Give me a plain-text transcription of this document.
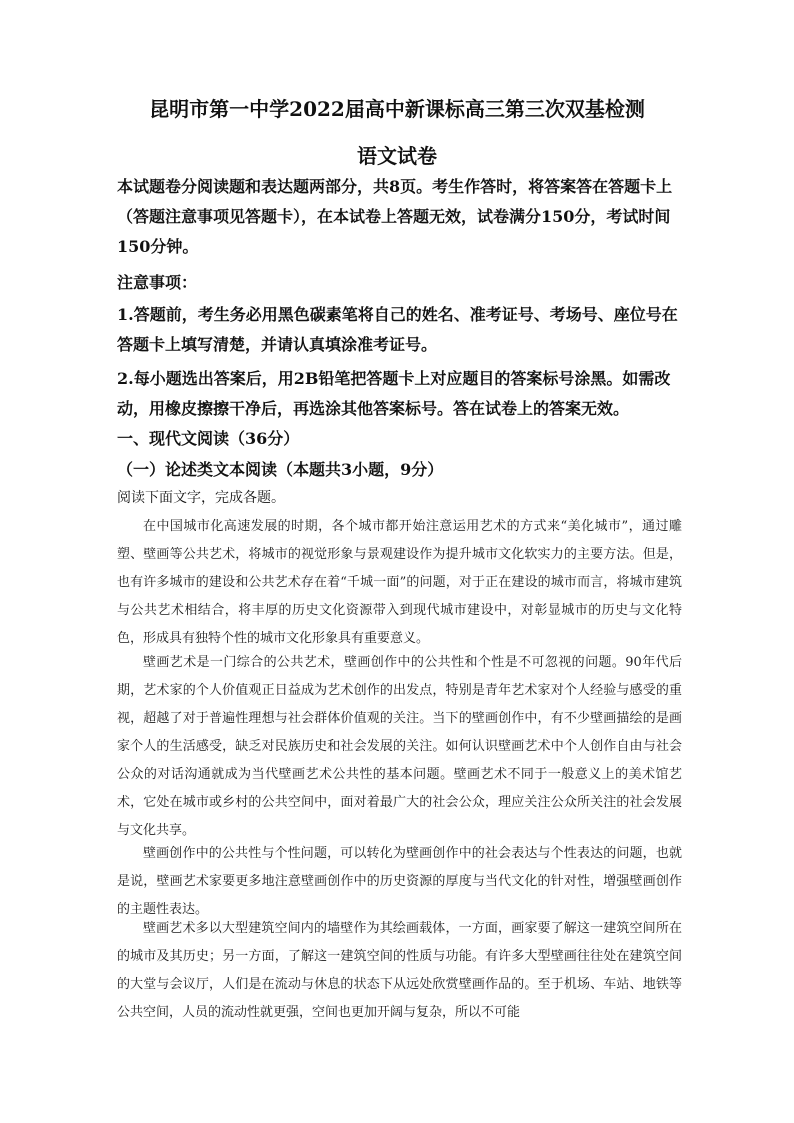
昆明市第一中学2022届高中新课标高三第三次双基检测
语文试卷
本试题卷分阅读题和表达题两部分，共8页。考生作答时，将答案答在答题卡上（答题注意事项见答题卡），在本试卷上答题无效，试卷满分150分，考试时间150分钟。
注意事项：
1.答题前，考生务必用黑色碳素笔将自己的姓名、准考证号、考场号、座位号在答题卡上填写清楚，并请认真填涂准考证号。
2.每小题选出答案后，用2B铅笔把答题卡上对应题目的答案标号涂黑。如需改动，用橡皮擦擦干净后，再选涂其他答案标号。答在试卷上的答案无效。
一、现代文阅读（36分）
（一）论述类文本阅读（本题共3小题，9分）
阅读下面文字，完成各题。
在中国城市化高速发展的时期，各个城市都开始注意运用艺术的方式来“美化城市”，通过雕塑、壁画等公共艺术，将城市的视觉形象与景观建设作为提升城市文化软实力的主要方法。但是，也有许多城市的建设和公共艺术存在着“千城一面”的问题，对于正在建设的城市而言，将城市建筑与公共艺术相结合，将丰厚的历史文化资源带入到现代城市建设中，对彰显城市的历史与文化特色，形成具有独特个性的城市文化形象具有重要意义。
壁画艺术是一门综合的公共艺术，壁画创作中的公共性和个性是不可忽视的问题。90年代后期，艺术家的个人价值观正日益成为艺术创作的出发点，特别是青年艺术家对个人经验与感受的重视，超越了对于普遍性理想与社会群体价值观的关注。当下的壁画创作中，有不少壁画描绘的是画家个人的生活感受，缺乏对民族历史和社会发展的关注。如何认识壁画艺术中个人创作自由与社会公众的对话沟通就成为当代壁画艺术公共性的基本问题。壁画艺术不同于一般意义上的美术馆艺术，它处在城市或乡村的公共空间中，面对着最广大的社会公众，理应关注公众所关注的社会发展与文化共享。
壁画创作中的公共性与个性问题，可以转化为壁画创作中的社会表达与个性表达的问题，也就是说，壁画艺术家要更多地注意壁画创作中的历史资源的厚度与当代文化的针对性，增强壁画创作的主题性表达。
壁画艺术多以大型建筑空间内的墙壁作为其绘画载体，一方面，画家要了解这一建筑空间所在的城市及其历史；另一方面，了解这一建筑空间的性质与功能。有许多大型壁画往往处在建筑空间的大堂与会议厅，人们是在流动与休息的状态下从远处欣赏壁画作品的。至于机场、车站、地铁等公共空间，人员的流动性就更强，空间也更加开阔与复杂，所以不可能
